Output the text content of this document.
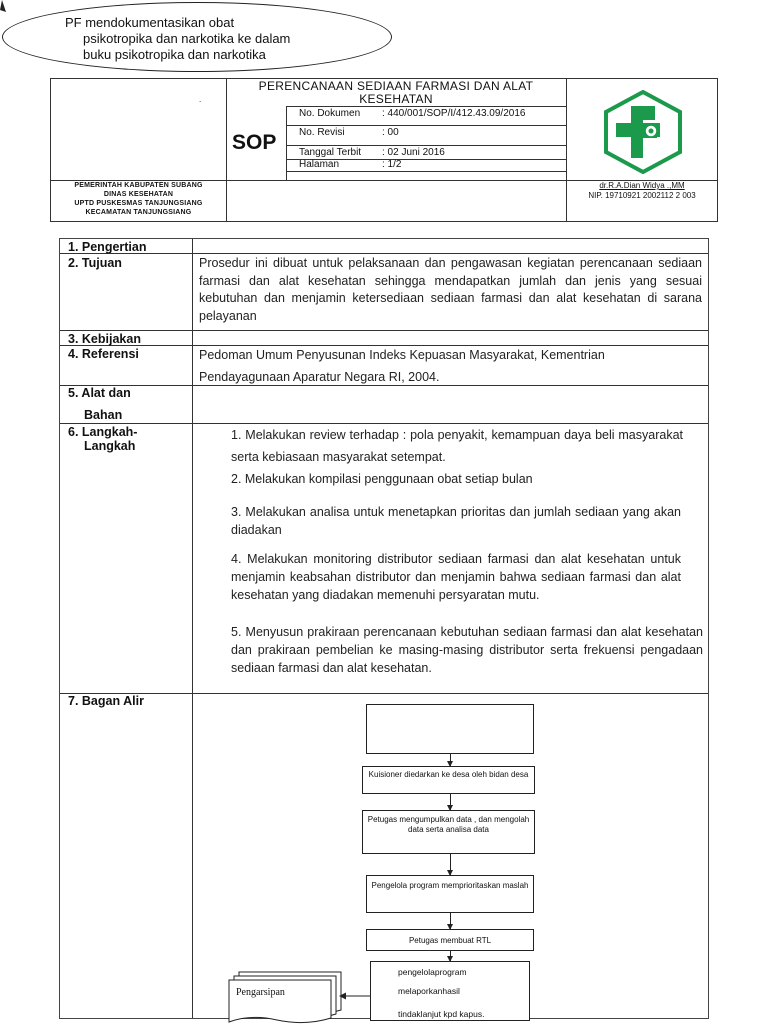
PF mendokumentasikan obat
psikotropika dan narkotika ke dalam
buku psikotropika dan narkotika
.
PERENCANAAN SEDIAAN FARMASI DAN ALAT
KESEHATAN
SOP
No. Dokumen : 440/001/SOP/I/412.43.09/2016
No. Revisi	: 00
Tanggal Terbit : 02 Juni 2016
Halaman	: 1/2
PEMERINTAH KABUPATEN SUBANG
DINAS KESEHATAN
UPTD PUSKESMAS TANJUNGSIANG
KECAMATAN TANJUNGSIANG
dr.R.A.Dian Widya .,MM
NIP. 19710921 2002112 2 003
1. Pengertian
2. Tujuan	Prosedur ini dibuat untuk pelaksanaan dan pengawasan kegiatan perencanaan sediaan farmasi dan alat kesehatan sehingga mendapatkan jumlah dan jenis yang sesuai kebutuhan dan menjamin ketersediaan sediaan farmasi dan alat kesehatan di sarana pelayanan
3. Kebijakan
4. Referensi	Pedoman Umum Penyusunan Indeks Kepuasan Masyarakat, Kementrian
Pendayagunaan Aparatur Negara RI, 2004.
5. Alat dan
Bahan
6. Langkah-
Langkah
1. Melakukan review terhadap : pola penyakit, kemampuan daya beli masyarakat serta kebiasaan masyarakat setempat.
2. Melakukan kompilasi penggunaan obat setiap bulan
3. Melakukan analisa untuk menetapkan prioritas dan jumlah sediaan yang akan diadakan
4. Melakukan monitoring distributor sediaan farmasi dan alat kesehatan untuk menjamin keabsahan distributor dan menjamin bahwa sediaan farmasi dan alat kesehatan yang diadakan memenuhi persyaratan mutu.
5. Menyusun prakiraan perencanaan kebutuhan sediaan farmasi dan alat kesehatan dan prakiraan pembelian ke masing-masing distributor serta frekuensi pengadaan sediaan farmasi dan alat kesehatan.
7. Bagan Alir
Kuisioner diedarkan ke desa oleh bidan desa
Petugas mengumpulkan data , dan mengolah data serta analisa data
Pengelola program memprioritaskan maslah
Petugas membuat RTL
pengelolaprogram
melaporkanhasil
tindaklanjut kpd kapus.
Pengarsipan
